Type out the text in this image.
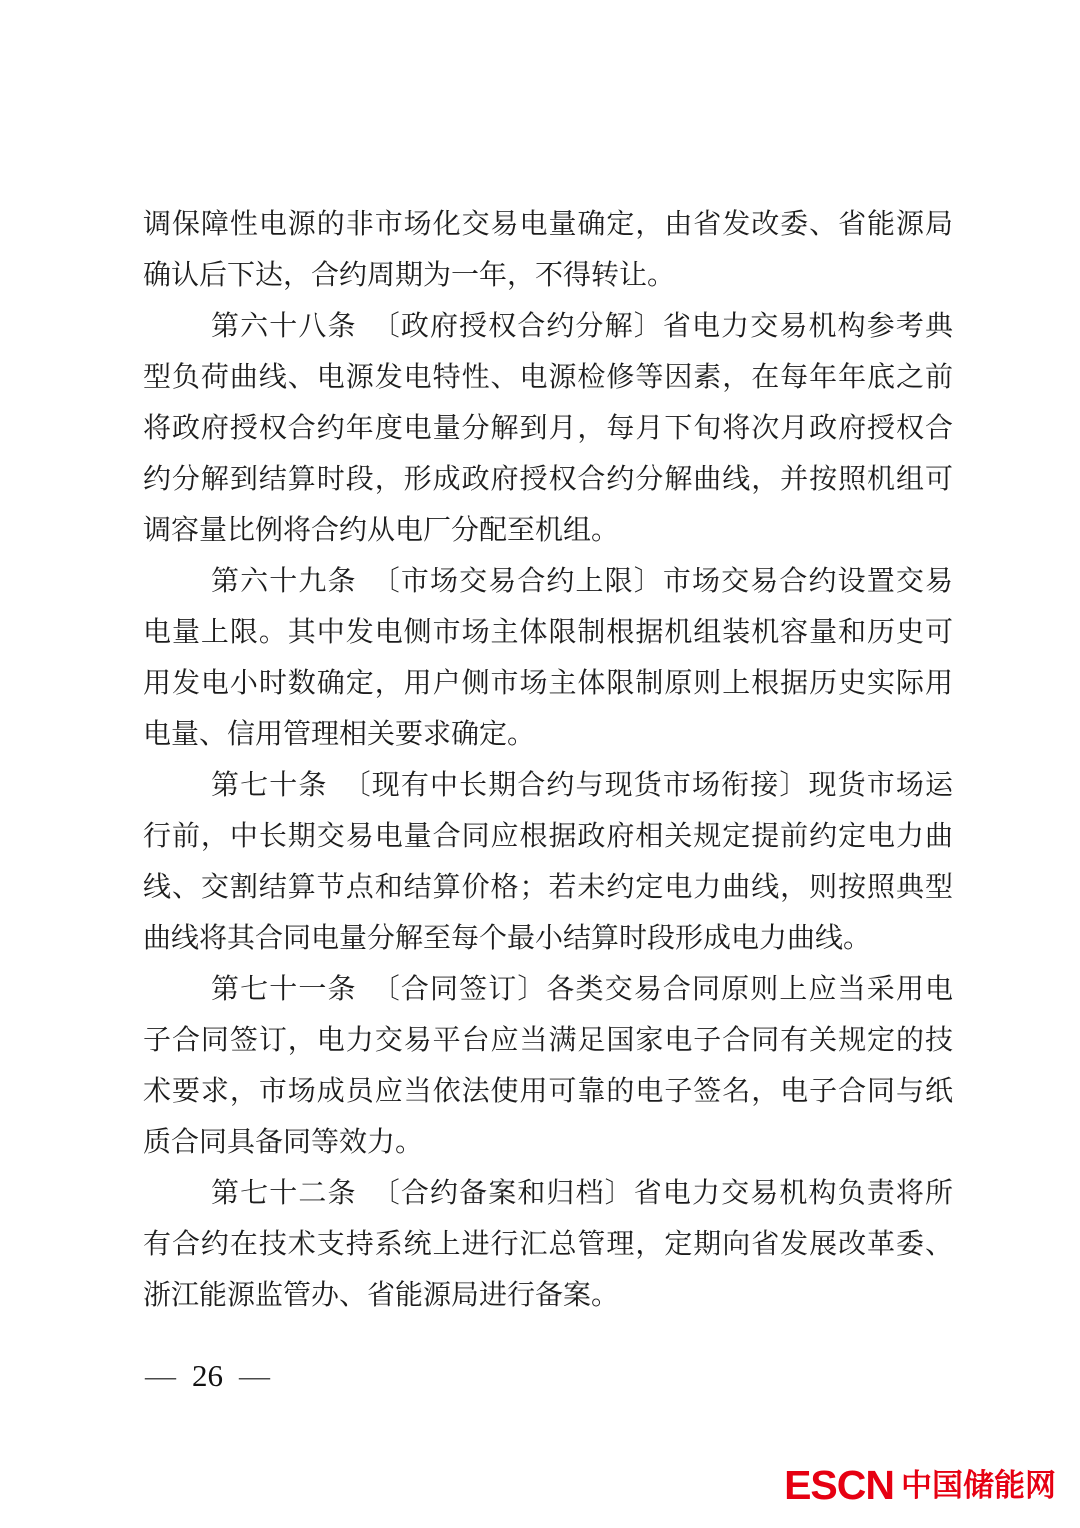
调保障性电源的非市场化交易电量确定，由省发改委、省能源局
确认后下达，合约周期为一年，不得转让。
第六十八条　〔政府授权合约分解〕省电力交易机构参考典
型负荷曲线、电源发电特性、电源检修等因素，在每年年底之前
将政府授权合约年度电量分解到月，每月下旬将次月政府授权合
约分解到结算时段，形成政府授权合约分解曲线，并按照机组可
调容量比例将合约从电厂分配至机组。
第六十九条　〔市场交易合约上限〕市场交易合约设置交易
电量上限。其中发电侧市场主体限制根据机组装机容量和历史可
用发电小时数确定，用户侧市场主体限制原则上根据历史实际用
电量、信用管理相关要求确定。
第七十条　〔现有中长期合约与现货市场衔接〕现货市场运
行前，中长期交易电量合同应根据政府相关规定提前约定电力曲
线、交割结算节点和结算价格；若未约定电力曲线，则按照典型
曲线将其合同电量分解至每个最小结算时段形成电力曲线。
第七十一条　〔合同签订〕各类交易合同原则上应当采用电
子合同签订，电力交易平台应当满足国家电子合同有关规定的技
术要求，市场成员应当依法使用可靠的电子签名，电子合同与纸
质合同具备同等效力。
第七十二条　〔合约备案和归档〕省电力交易机构负责将所
有合约在技术支持系统上进行汇总管理，定期向省发展改革委、
浙江能源监管办、省能源局进行备案。
— 26 —
ESCN 中国储能网
